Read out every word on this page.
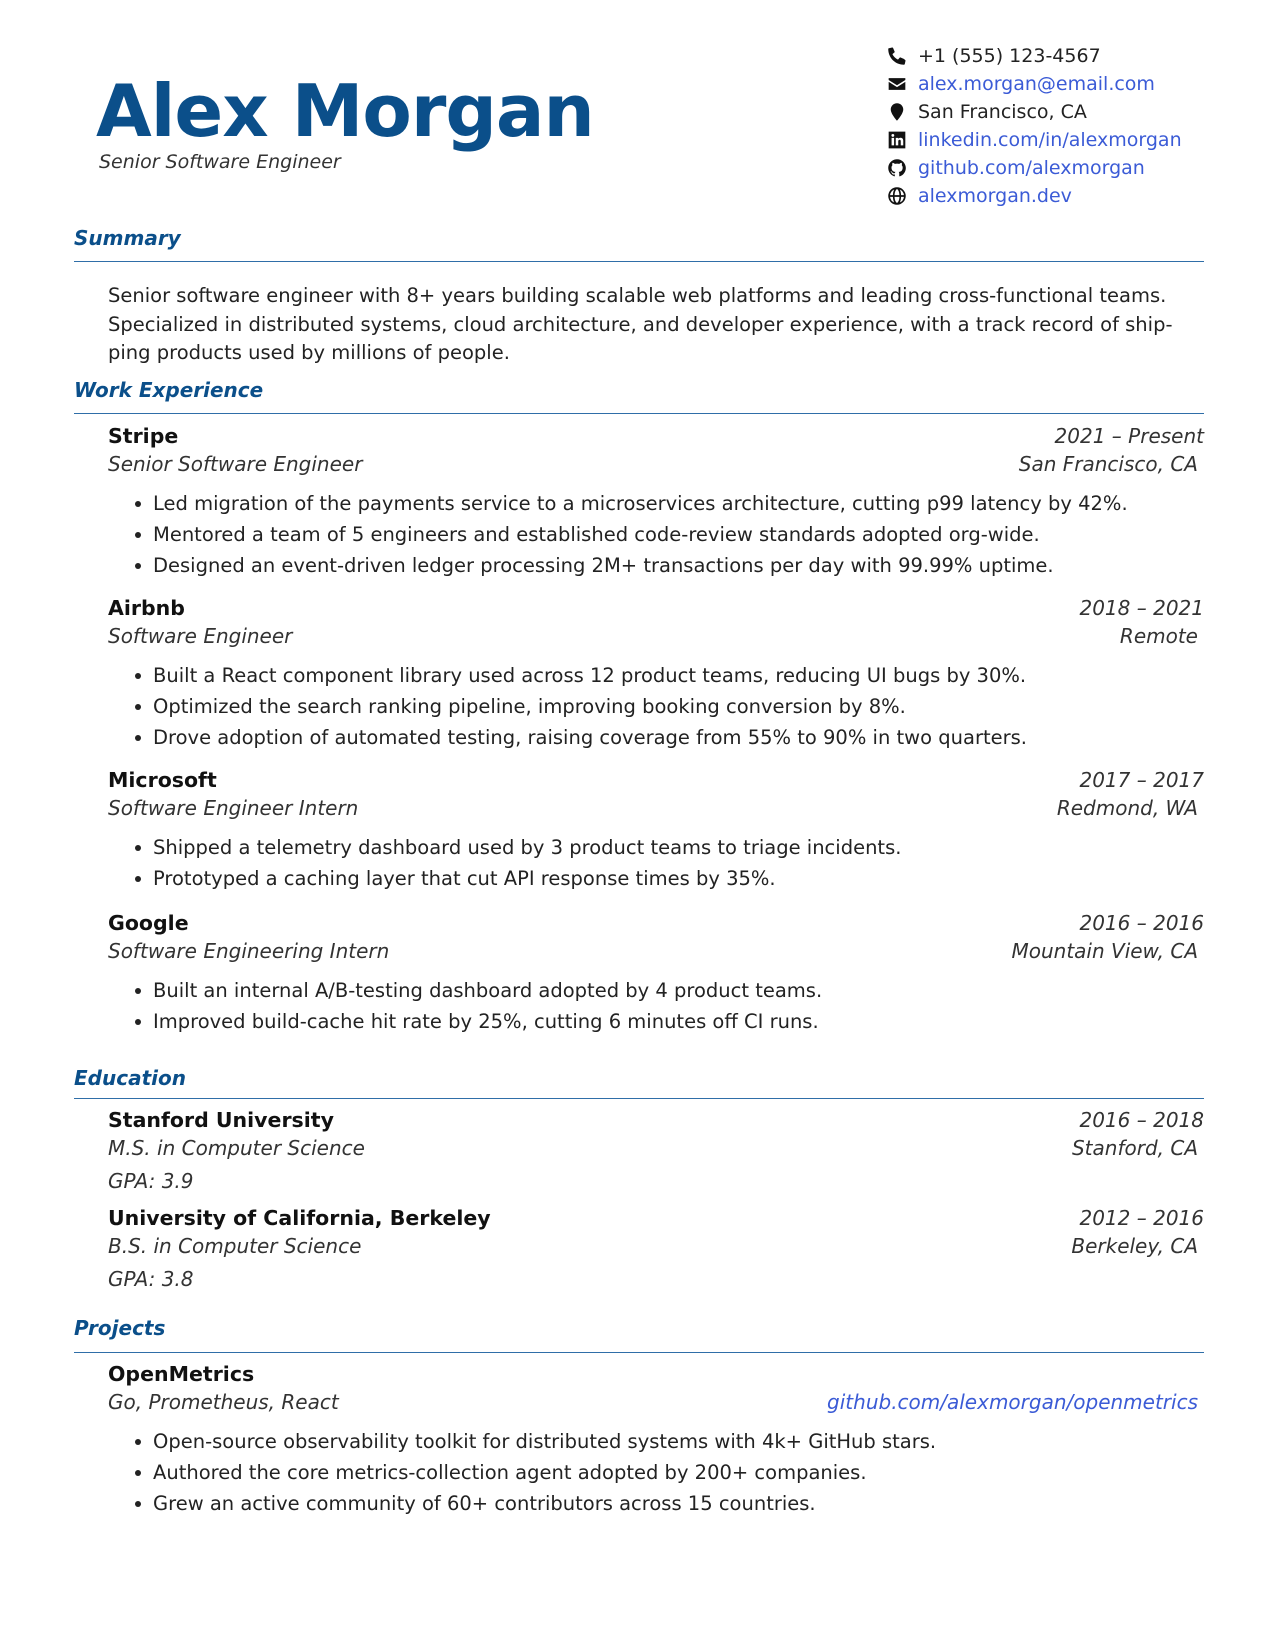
Alex Morgan
Senior Software Engineer
+1 (555) 123-4567
alex.morgan@email.com
San Francisco, CA
linkedin.com/in/alexmorgan
github.com/alexmorgan
alexmorgan.dev
Summary
Senior software engineer with 8+ years building scalable web platforms and leading cross-functional teams. Specialized in distributed systems, cloud architecture, and developer experience, with a track record of shipping products used by millions of people.
Work Experience
Stripe	2021 – Present
Senior Software Engineer	San Francisco, CA
Led migration of the payments service to a microservices architecture, cutting p99 latency by 42%.
Mentored a team of 5 engineers and established code-review standards adopted org-wide.
Designed an event-driven ledger processing 2M+ transactions per day with 99.99% uptime.
Airbnb	2018 – 2021
Software Engineer	Remote
Built a React component library used across 12 product teams, reducing UI bugs by 30%.
Optimized the search ranking pipeline, improving booking conversion by 8%.
Drove adoption of automated testing, raising coverage from 55% to 90% in two quarters.
Microsoft	2017 – 2017
Software Engineer Intern	Redmond, WA
Shipped a telemetry dashboard used by 3 product teams to triage incidents.
Prototyped a caching layer that cut API response times by 35%.
Google	2016 – 2016
Software Engineering Intern	Mountain View, CA
Built an internal A/B-testing dashboard adopted by 4 product teams.
Improved build-cache hit rate by 25%, cutting 6 minutes off CI runs.
Education
Stanford University	2016 – 2018
M.S. in Computer Science	Stanford, CA
GPA: 3.9
University of California, Berkeley	2012 – 2016
B.S. in Computer Science	Berkeley, CA
GPA: 3.8
Projects
OpenMetrics
Go, Prometheus, React	github.com/alexmorgan/openmetrics
Open-source observability toolkit for distributed systems with 4k+ GitHub stars.
Authored the core metrics-collection agent adopted by 200+ companies.
Grew an active community of 60+ contributors across 15 countries.
